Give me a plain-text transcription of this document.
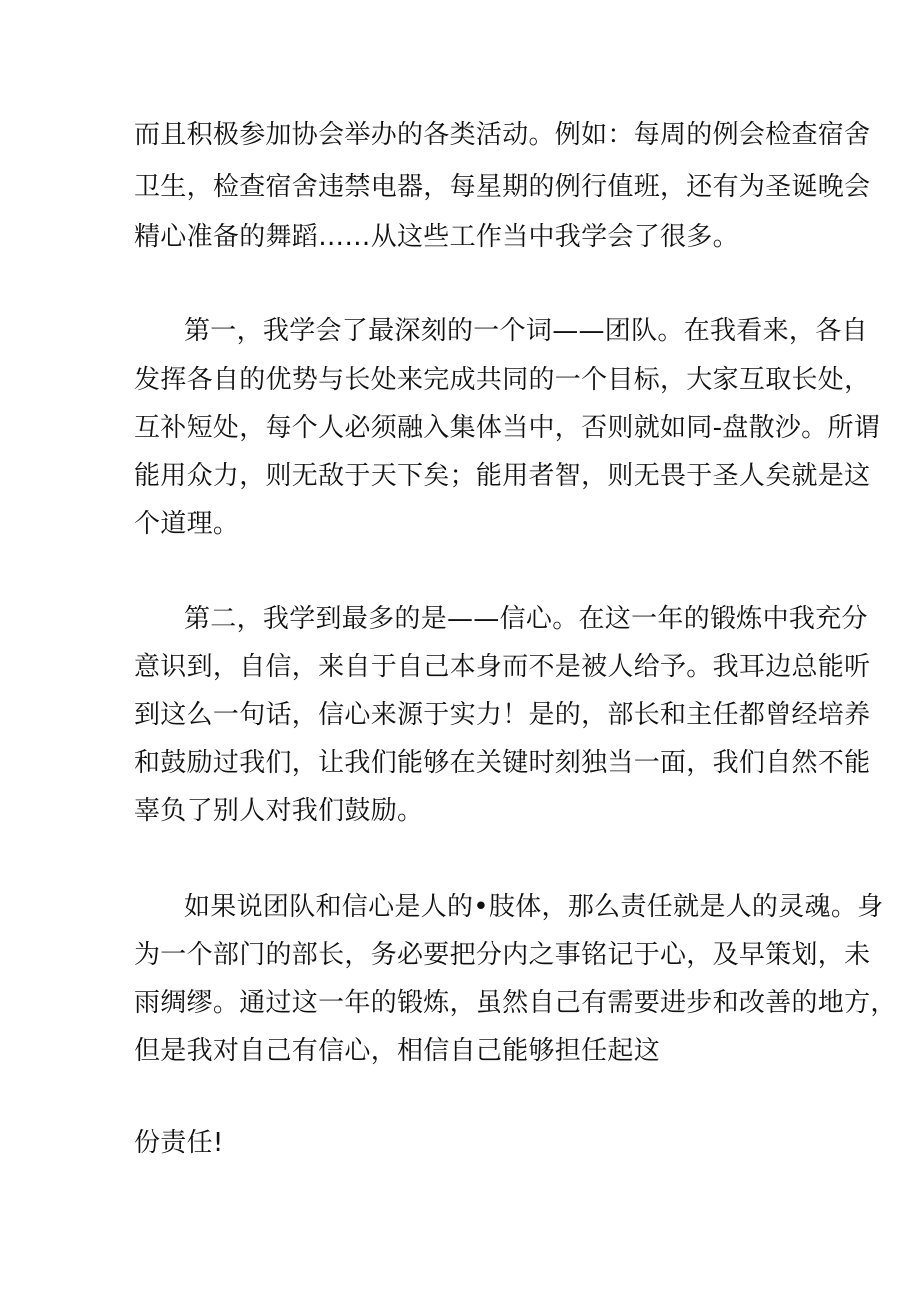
而且积极参加协会举办的各类活动。例如：每周的例会检查宿舍
卫生，检查宿舍违禁电器，每星期的例行值班，还有为圣诞晚会
精心准备的舞蹈……从这些工作当中我学会了很多。
第一，我学会了最深刻的一个词——团队。在我看来，各自
发挥各自的优势与长处来完成共同的一个目标，大家互取长处，
互补短处，每个人必须融入集体当中，否则就如同-盘散沙。所谓
能用众力，则无敌于天下矣；能用者智，则无畏于圣人矣就是这
个道理。
第二，我学到最多的是——信心。在这一年的锻炼中我充分
意识到，自信，来自于自己本身而不是被人给予。我耳边总能听
到这么一句话，信心来源于实力！是的，部长和主任都曾经培养
和鼓励过我们，让我们能够在关键时刻独当一面，我们自然不能
辜负了别人对我们鼓励。
如果说团队和信心是人的•肢体，那么责任就是人的灵魂。身
为一个部门的部长，务必要把分内之事铭记于心，及早策划，未
雨绸缪。通过这一年的锻炼，虽然自己有需要进步和改善的地方，
但是我对自己有信心，相信自己能够担任起这
份责任!
